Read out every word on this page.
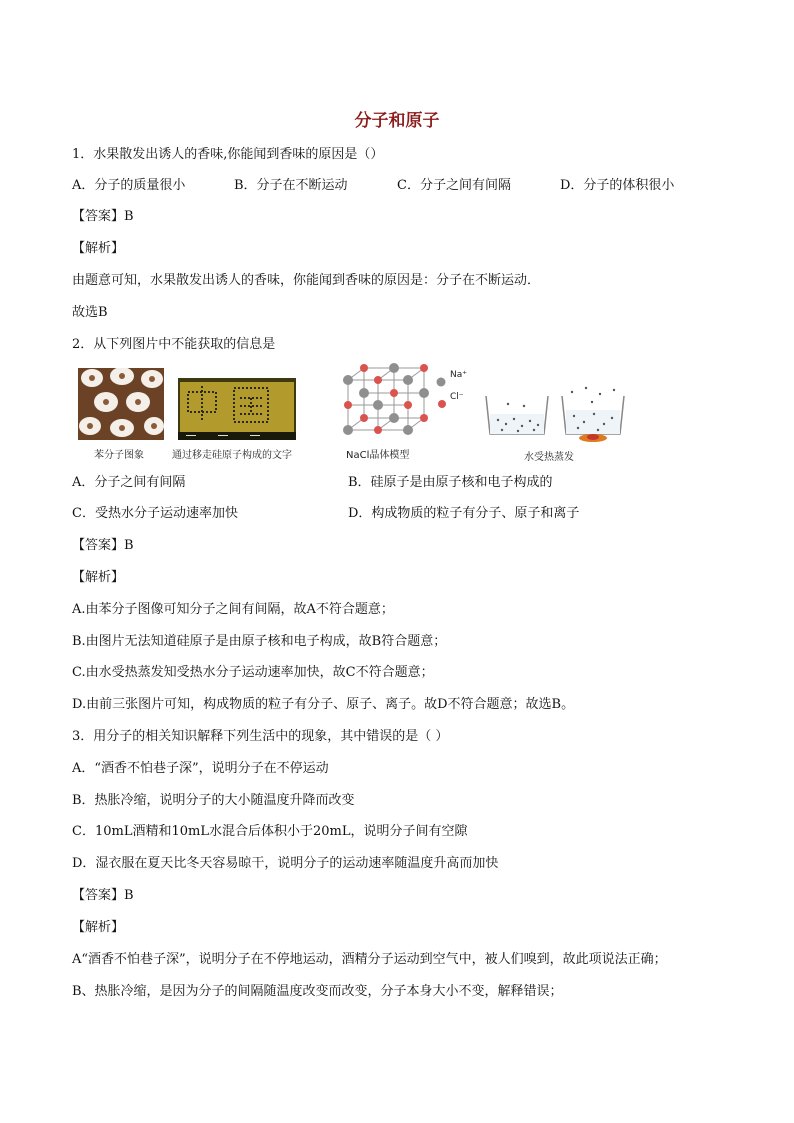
分子和原子
1．水果散发出诱人的香味,你能闻到香味的原因是（）
A．分子的质量很小	B．分子在不断运动	C．分子之间有间隔	D．分子的体积很小
【答案】B
【解析】
由题意可知，水果散发出诱人的香味，你能闻到香味的原因是：分子在不断运动．
故选B
2．从下列图片中不能获取的信息是
苯分子图象	通过移走硅原子构成的文字
Na⁺
Cl⁻
NaCl晶体模型	水受热蒸发
A．分子之间有间隔	B．硅原子是由原子核和电子构成的
C．受热水分子运动速率加快	D．构成物质的粒子有分子、原子和离子
【答案】B
【解析】
A.由苯分子图像可知分子之间有间隔，故A不符合题意；
B.由图片无法知道硅原子是由原子核和电子构成，故B符合题意；
C.由水受热蒸发知受热水分子运动速率加快，故C不符合题意；
D.由前三张图片可知，构成物质的粒子有分子、原子、离子。故D不符合题意；故选B。
3．用分子的相关知识解释下列生活中的现象，其中错误的是（ ）
A．“酒香不怕巷子深”，说明分子在不停运动
B．热胀冷缩，说明分子的大小随温度升降而改变
C．10mL酒精和10mL水混合后体积小于20mL，说明分子间有空隙
D．湿衣服在夏天比冬天容易晾干，说明分子的运动速率随温度升高而加快
【答案】B
【解析】
A“酒香不怕巷子深”，说明分子在不停地运动，酒精分子运动到空气中，被人们嗅到，故此项说法正确；
B、热胀冷缩，是因为分子的间隔随温度改变而改变，分子本身大小不变，解释错误；
